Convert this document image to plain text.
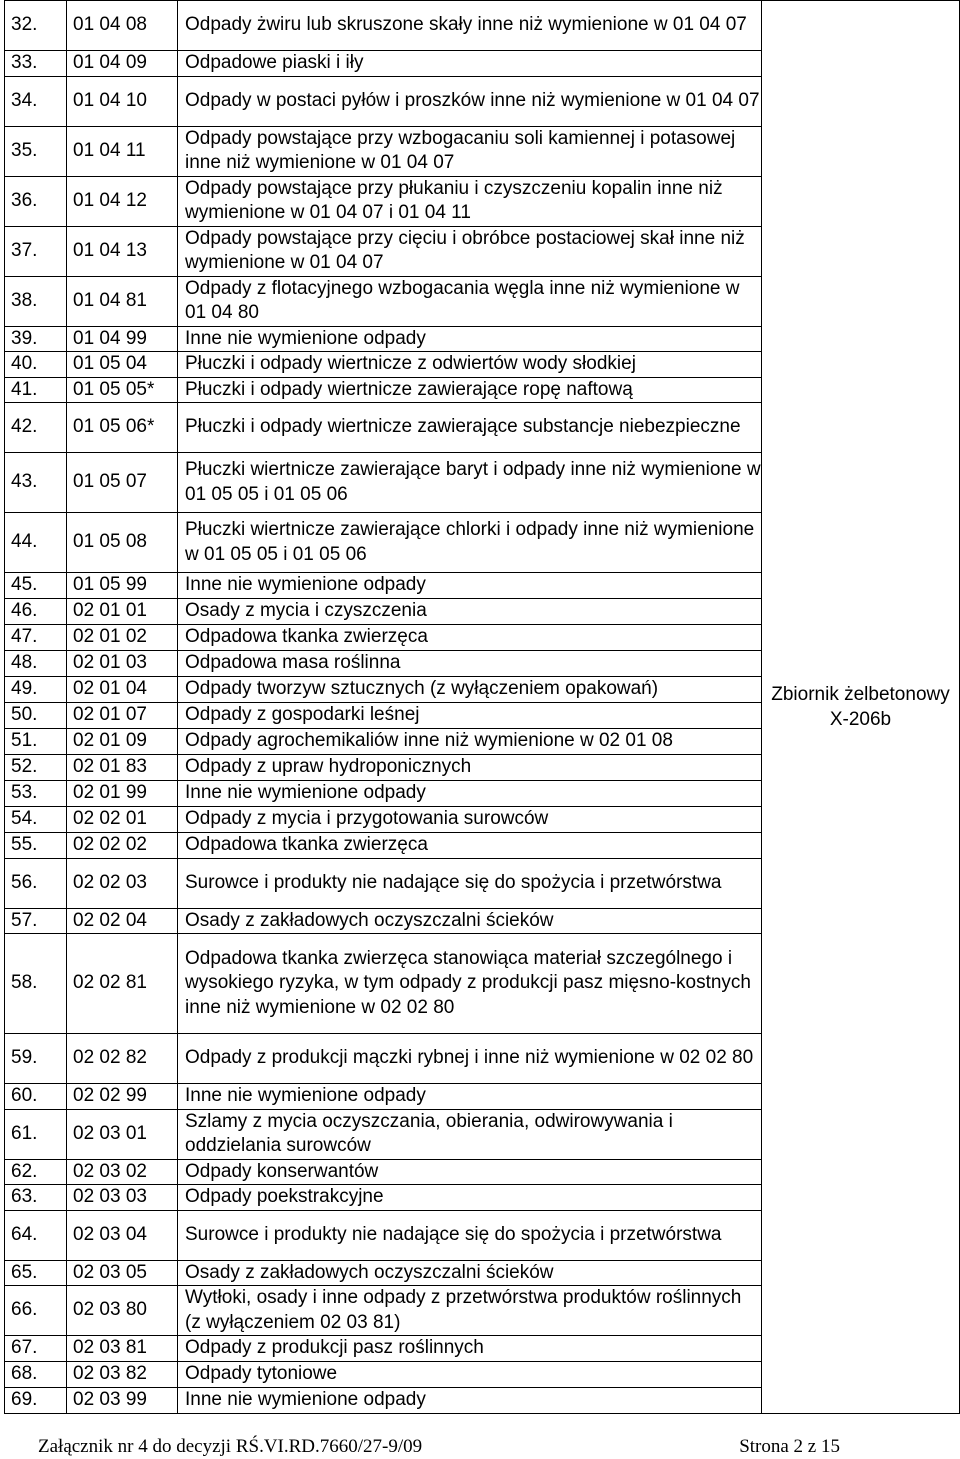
32.	01 04 08	Odpady żwiru lub skruszone skały inne niż wymienione w 01 04 07	Zbiornik żelbetonowy X-206b
33.	01 04 09	Odpadowe piaski i iły	
34.	01 04 10	Odpady w postaci pyłów i proszków inne niż wymienione w 01 04 07	
35.	01 04 11	Odpady powstające przy wzbogacaniu soli kamiennej i potasowej inne niż wymienione w 01 04 07	
36.	01 04 12	Odpady powstające przy płukaniu i czyszczeniu kopalin inne niż wymienione w 01 04 07 i 01 04 11	
37.	01 04 13	Odpady powstające przy cięciu i obróbce postaciowej skał inne niż wymienione w 01 04 07	
38.	01 04 81	Odpady z flotacyjnego wzbogacania węgla inne niż wymienione w 01 04 80	
39.	01 04 99	Inne nie wymienione odpady	
40.	01 05 04	Płuczki i odpady wiertnicze z odwiertów wody słodkiej	
41.	01 05 05*	Płuczki i odpady wiertnicze zawierające ropę naftową	
42.	01 05 06*	Płuczki i odpady wiertnicze zawierające substancje niebezpieczne	
43.	01 05 07	Płuczki wiertnicze zawierające baryt i odpady inne niż wymienione w 01 05 05 i 01 05 06	
44.	01 05 08	Płuczki wiertnicze zawierające chlorki i odpady inne niż wymienione w 01 05 05 i 01 05 06	
45.	01 05 99	Inne nie wymienione odpady	
46.	02 01 01	Osady z mycia i czyszczenia	
47.	02 01 02	Odpadowa tkanka zwierzęca	
48.	02 01 03	Odpadowa masa roślinna	
49.	02 01 04	Odpady tworzyw sztucznych (z wyłączeniem opakowań)	
50.	02 01 07	Odpady z gospodarki leśnej	
51.	02 01 09	Odpady agrochemikaliów inne niż wymienione w 02 01 08	
52.	02 01 83	Odpady z upraw hydroponicznych	
53.	02 01 99	Inne nie wymienione odpady	
54.	02 02 01	Odpady z mycia i przygotowania surowców	
55.	02 02 02	Odpadowa tkanka zwierzęca	
56.	02 02 03	Surowce i produkty nie nadające się do spożycia i przetwórstwa	
57.	02 02 04	Osady z zakładowych oczyszczalni ścieków	
58.	02 02 81	Odpadowa tkanka zwierzęca stanowiąca materiał szczególnego i wysokiego ryzyka, w tym odpady z produkcji pasz mięsno-kostnych inne niż wymienione w 02 02 80	
59.	02 02 82	Odpady z produkcji mączki rybnej i inne niż wymienione w 02 02 80	
60.	02 02 99	Inne nie wymienione odpady	
61.	02 03 01	Szlamy z mycia oczyszczania, obierania, odwirowywania i oddzielania surowców	
62.	02 03 02	Odpady konserwantów	
63.	02 03 03	Odpady poekstrakcyjne	
64.	02 03 04	Surowce i produkty nie nadające się do spożycia i przetwórstwa	
65.	02 03 05	Osady z zakładowych oczyszczalni ścieków	
66.	02 03 80	Wytłoki, osady i inne odpady z przetwórstwa produktów roślinnych (z wyłączeniem 02 03 81)	
67.	02 03 81	Odpady z produkcji pasz roślinnych	
68.	02 03 82	Odpady tytoniowe	
69.	02 03 99	Inne nie wymienione odpady	
Załącznik nr 4 do decyzji RŚ.VI.RD.7660/27-9/09	Strona 2 z 15
